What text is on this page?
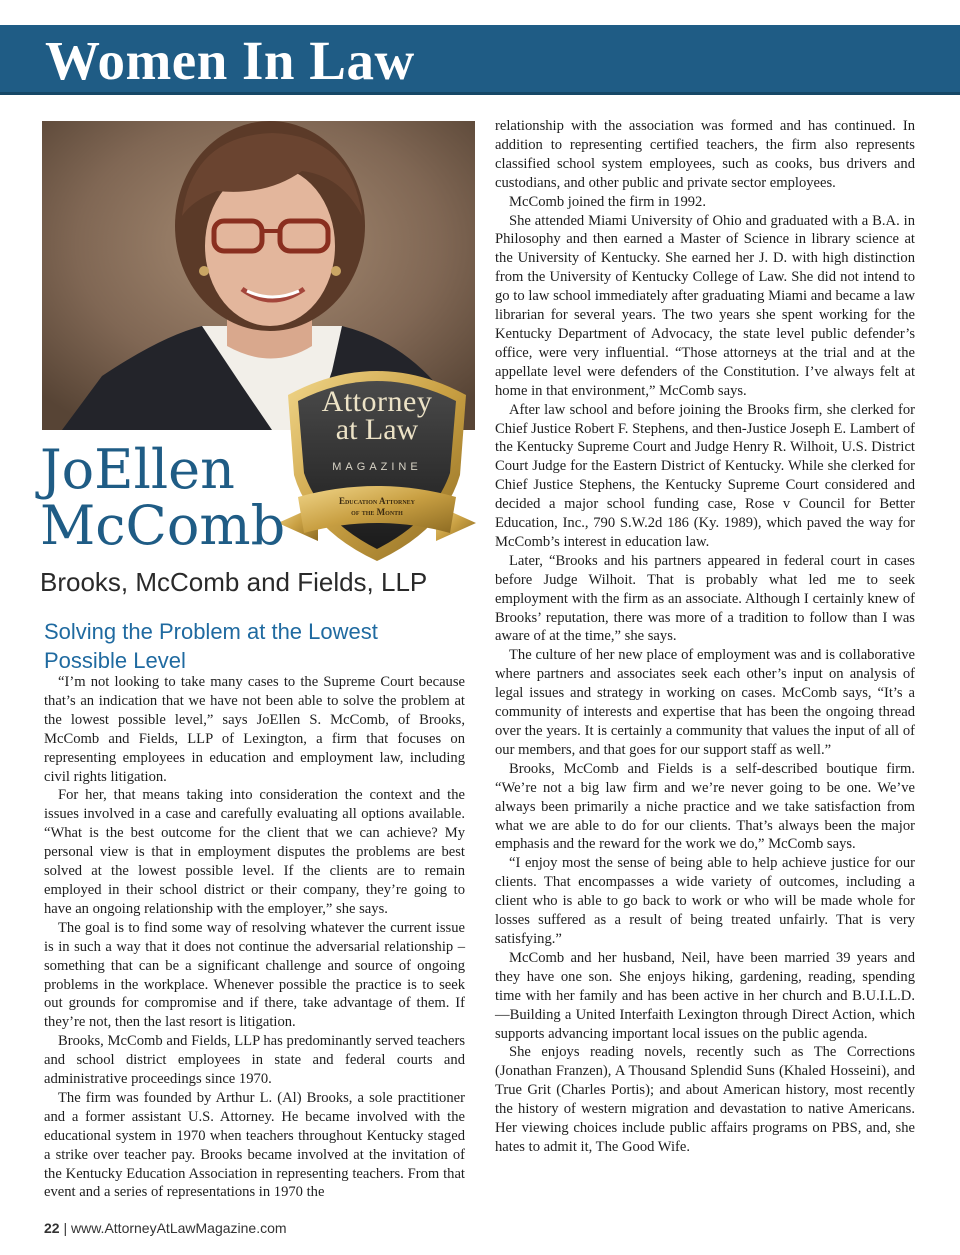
Women In Law
Attorney
at Law
MAGAZINE
Education Attorney
of the Month
JoEllen
McComb
Brooks, McComb and Fields, LLP
Solving the Problem at the Lowest Possible Level

“I’m not looking to take many cases to the Supreme Court because that’s an indication that we have not been able to solve the problem at the lowest possible level,” says JoEllen S. McComb, of Brooks, McComb and Fields, LLP of Lexington, a firm that focuses on representing employees in education and employment law, including civil rights litigation.

For her, that means taking into consideration the context and the issues involved in a case and carefully evaluating all options available. “What is the best outcome for the client that we can achieve? My personal view is that in employment disputes the problems are best solved at the lowest possible level. If the clients are to remain employed in their school district or their company, they’re going to have an ongoing relationship with the employer,” she says.

The goal is to find some way of resolving whatever the current issue is in such a way that it does not continue the adversarial relationship – something that can be a significant challenge and source of ongoing problems in the workplace. Whenever possible the practice is to seek out grounds for compromise and if there, take advantage of them. If they’re not, then the last resort is litigation.

Brooks, McComb and Fields, LLP has predominantly served teachers and school district employees in state and federal courts and administrative proceedings since 1970.

The firm was founded by Arthur L. (Al) Brooks, a sole practitioner and a former assistant U.S. Attorney. He became involved with the educational system in 1970 when teachers throughout Kentucky staged a strike over teacher pay. Brooks became involved at the invitation of the Kentucky Education Association in representing teachers. From that event and a series of representations in 1970 the

relationship with the association was formed and has continued. In addition to representing certified teachers, the firm also represents classified school system employees, such as cooks, bus drivers and custodians, and other public and private sector employees.

McComb joined the firm in 1992.

She attended Miami University of Ohio and graduated with a B.A. in Philosophy and then earned a Master of Science in library science at the University of Kentucky. She earned her J. D. with high distinction from the University of Kentucky College of Law. She did not intend to go to law school immediately after graduating Miami and became a law librarian for several years. The two years she spent working for the Kentucky Department of Advocacy, the state level public defender’s office, were very influential. “Those attorneys at the trial and at the appellate level were defenders of the Constitution. I’ve always felt at home in that environment,” McComb says.

After law school and before joining the Brooks firm, she clerked for Chief Justice Robert F. Stephens, and then-Justice Joseph E. Lambert of the Kentucky Supreme Court and Judge Henry R. Wilhoit, U.S. District Court Judge for the Eastern District of Kentucky. While she clerked for Chief Justice Stephens, the Kentucky Supreme Court considered and decided a major school funding case, Rose v Council for Better Education, Inc., 790 S.W.2d 186 (Ky. 1989), which paved the way for McComb’s interest in education law.

Later, “Brooks and his partners appeared in federal court in cases before Judge Wilhoit. That is probably what led me to seek employment with the firm as an associate. Although I certainly knew of Brooks’ reputation, there was more of a tradition to follow than I was aware of at the time,” she says.

The culture of her new place of employment was and is collaborative where partners and associates seek each other’s input on analysis of legal issues and strategy in working on cases. McComb says, “It’s a community of interests and expertise that has been the ongoing thread over the years. It is certainly a community that values the input of all of our members, and that goes for our support staff as well.”

Brooks, McComb and Fields is a self-described boutique firm. “We’re not a big law firm and we’re never going to be one. We’ve always been primarily a niche practice and we take satisfaction from what we are able to do for our clients. That’s always been the major emphasis and the reward for the work we do,” McComb says.

“I enjoy most the sense of being able to help achieve justice for our clients. That encompasses a wide variety of outcomes, including a client who is able to go back to work or who will be made whole for losses suffered as a result of being treated unfairly. That is very satisfying.”

McComb and her husband, Neil, have been married 39 years and they have one son. She enjoys hiking, gardening, reading, spending time with her family and has been active in her church and B.U.I.L.D.—Building a United Interfaith Lexington through Direct Action, which supports advancing important local issues on the public agenda.

She enjoys reading novels, recently such as The Corrections (Jonathan Franzen), A Thousand Splendid Suns (Khaled Hosseini), and True Grit (Charles Portis); and about American history, most recently the history of western migration and devastation to native Americans. Her viewing choices include public affairs programs on PBS, and, she hates to admit it, The Good Wife.

22 | www.AttorneyAtLawMagazine.com
